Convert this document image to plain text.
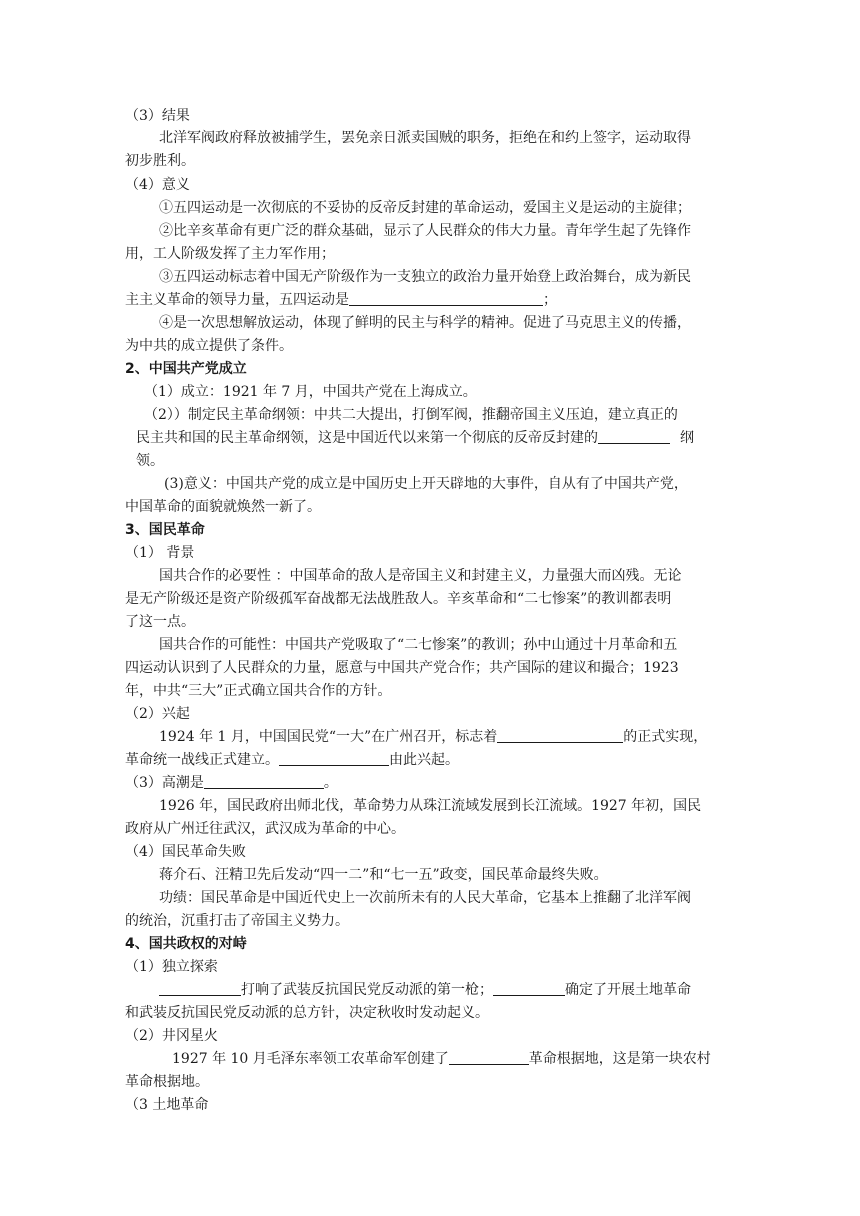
（3）结果
北洋军阀政府释放被捕学生，罢免亲日派卖国贼的职务，拒绝在和约上签字，运动取得
初步胜利。
（4）意义
①五四运动是一次彻底的不妥协的反帝反封建的革命运动，爱国主义是运动的主旋律；
②比辛亥革命有更广泛的群众基础，显示了人民群众的伟大力量。青年学生起了先锋作
用，工人阶级发挥了主力军作用；
③五四运动标志着中国无产阶级作为一支独立的政治力量开始登上政治舞台，成为新民
主主义革命的领导力量，五四运动是	；
④是一次思想解放运动，体现了鲜明的民主与科学的精神。促进了马克思主义的传播，
为中共的成立提供了条件。
2、中国共产党成立
（1）成立：1921 年 7 月，中国共产党在上海成立。
（2））制定民主革命纲领：中共二大提出，打倒军阀，推翻帝国主义压迫，建立真正的
民主共和国的民主革命纲领，这是中国近代以来第一个彻底的反帝反封建的	纲
领。
(3)意义：中国共产党的成立是中国历史上开天辟地的大事件，自从有了中国共产党，
中国革命的面貌就焕然一新了。
3、国民革命
（1） 背景
国共合作的必要性 ：中国革命的敌人是帝国主义和封建主义，力量强大而凶残。无论
是无产阶级还是资产阶级孤军奋战都无法战胜敌人。辛亥革命和“二七惨案”的教训都表明
了这一点。
国共合作的可能性：中国共产党吸取了“二七惨案”的教训；孙中山通过十月革命和五
四运动认识到了人民群众的力量，愿意与中国共产党合作；共产国际的建议和撮合；1923
年，中共“三大”正式确立国共合作的方针。
（2）兴起
1924 年 1 月，中国国民党“一大”在广州召开，标志着	的正式实现，
革命统一战线正式建立。	由此兴起。
（3）高潮是	。
1926 年，国民政府出师北伐，革命势力从珠江流域发展到长江流域。1927 年初，国民
政府从广州迁往武汉，武汉成为革命的中心。
（4）国民革命失败
蒋介石、汪精卫先后发动“四一二”和“七一五”政变，国民革命最终失败。
功绩：国民革命是中国近代史上一次前所未有的人民大革命，它基本上推翻了北洋军阀
的统治，沉重打击了帝国主义势力。
4、国共政权的对峙
（1）独立探索
打响了武装反抗国民党反动派的第一枪；	确定了开展土地革命
和武装反抗国民党反动派的总方针，决定秋收时发动起义。
（2）井冈星火
1927 年 10 月毛泽东率领工农革命军创建了	革命根据地，这是第一块农村
革命根据地。
（3 土地革命
